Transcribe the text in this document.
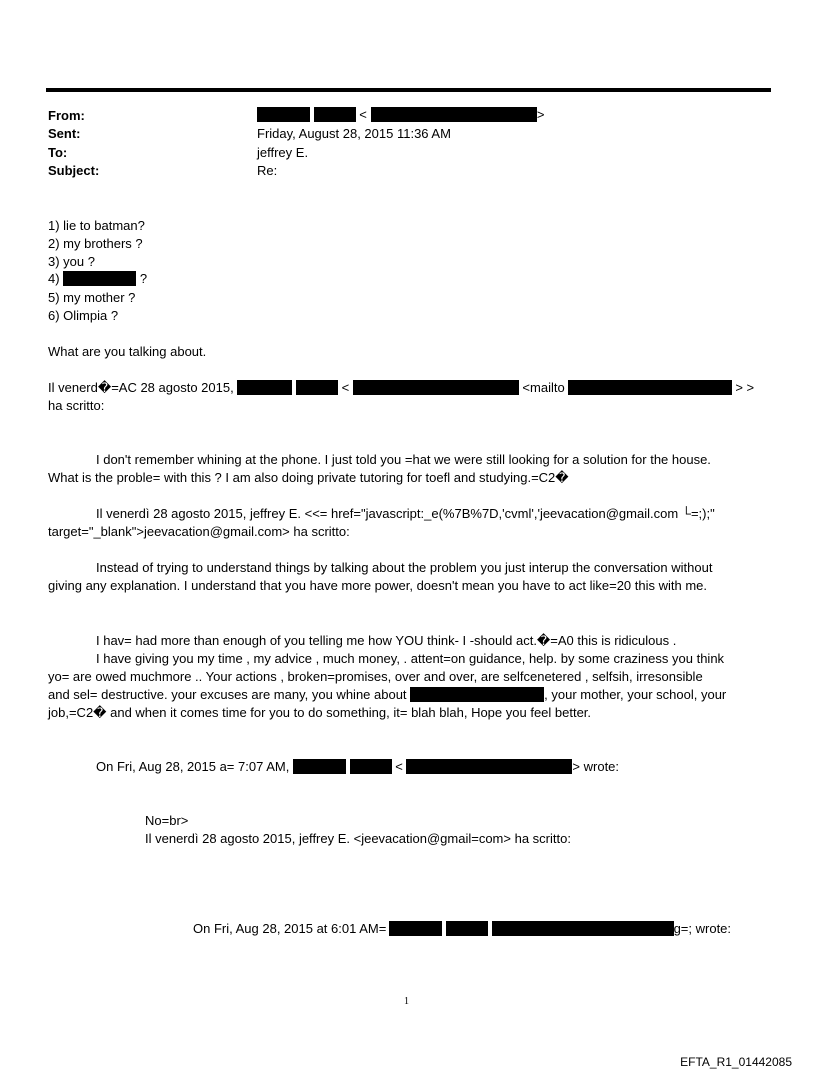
From:	<	>
Sent:	Friday, August 28, 2015 11:36 AM
To:	jeffrey E.
Subject:	Re:
1) lie to batman?
2) my brothers ?
3) you ?
4)	?
5) my mother ?
6) Olimpia ?
What are you talking about.
Il venerd�=AC 28 agosto 2015,	<	<mailto	> >
ha scritto:
I don't remember whining at the phone. I just told you =hat we were still looking for a solution for the house.
What is the proble= with this ? I am also doing private tutoring for toefl and studying.=C2�
Il venerdì 28 agosto 2015, jeffrey E. <<= href="javascript:_e(%7B%7D,'cvml','jeevacation@gmail.com └=;);"
target="_blank">jeevacation@gmail.com> ha scritto:
Instead of trying to understand things by talking about the problem you just interup the conversation without
giving any explanation. I understand that you have more power, doesn't mean you have to act like=20 this with me.
I hav= had more than enough of you telling me how YOU think- I -should act.�=A0 this is ridiculous .
I have giving you my time , my advice , much money, . attent=on guidance, help. by some craziness you think
yo= are owed muchmore .. Your actions , broken=promises, over and over, are selfcenetered , selfsih, irresonsible
and sel= destructive. your excuses are many, you whine about	, your mother, your school, your
job,=C2� and when it comes time for you to do something, it= blah blah, Hope you feel better.
On Fri, Aug 28, 2015 a= 7:07 AM,	<	> wrote:
No=br>
Il venerdì 28 agosto 2015, jeffrey E. <jeevacation@gmail=com> ha scritto:
On Fri, Aug 28, 2015 at 6:01 AM=	g=; wrote:
1
EFTA_R1_01442085
